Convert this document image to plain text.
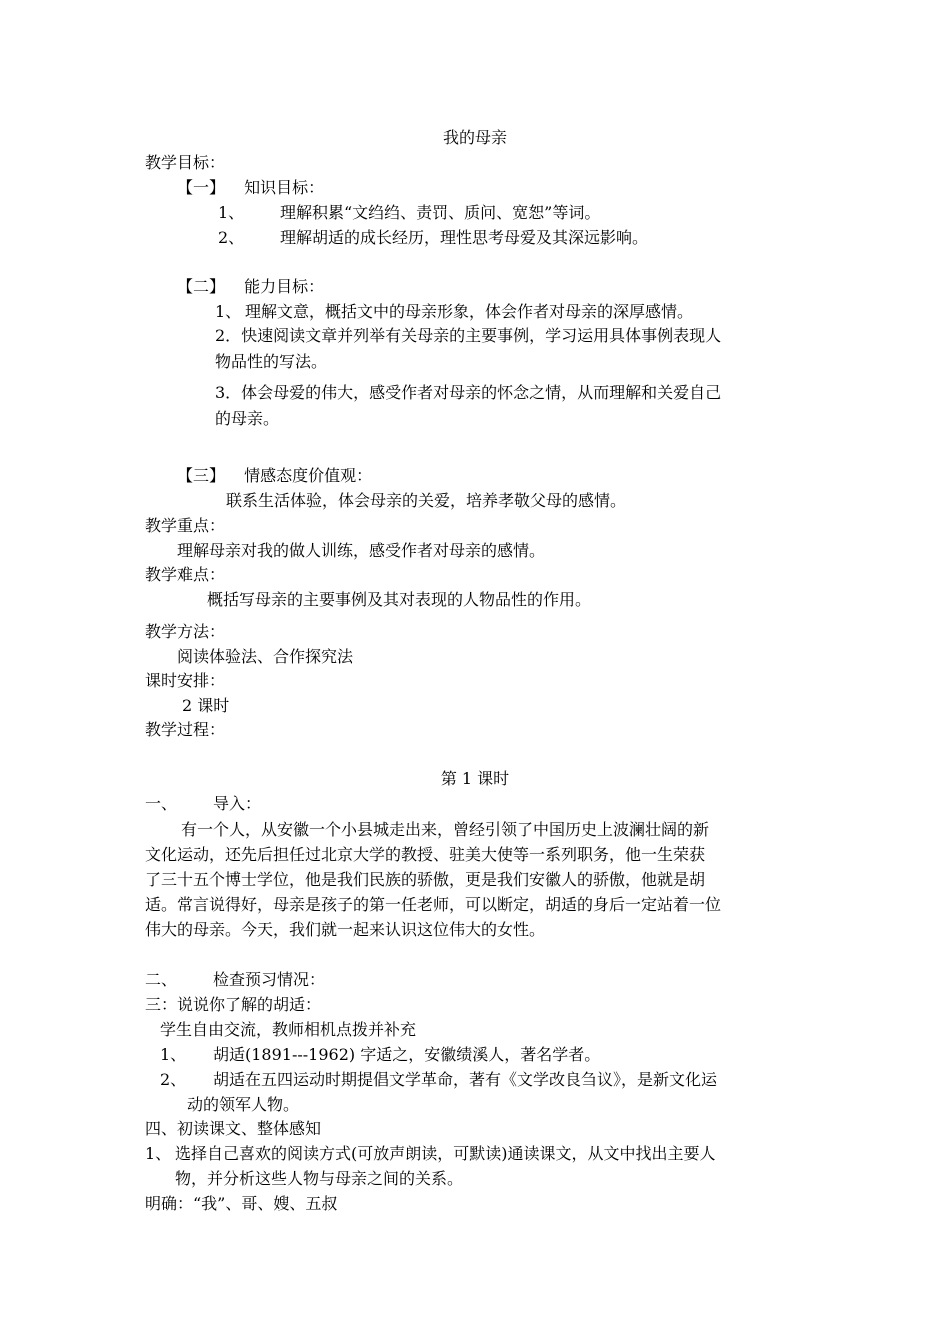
我的母亲
教学目标：
【一】 知识目标：
1、 理解积累“文绉绉、责罚、质问、宽恕”等词。
2、 理解胡适的成长经历，理性思考母爱及其深远影响。
【二】 能力目标：
1、 理解文意，概括文中的母亲形象，体会作者对母亲的深厚感情。
2．快速阅读文章并列举有关母亲的主要事例，学习运用具体事例表现人
物品性的写法。
3．体会母爱的伟大，感受作者对母亲的怀念之情，从而理解和关爱自己
的母亲。
【三】 情感态度价值观：
联系生活体验，体会母亲的关爱，培养孝敬父母的感情。
教学重点：
理解母亲对我的做人训练，感受作者对母亲的感情。
教学难点：
概括写母亲的主要事例及其对表现的人物品性的作用。
教学方法：
阅读体验法、合作探究法
课时安排：
2 课时
教学过程：
第 1 课时
一、 导入：
有一个人，从安徽一个小县城走出来，曾经引领了中国历史上波澜壮阔的新
文化运动，还先后担任过北京大学的教授、驻美大使等一系列职务，他一生荣获
了三十五个博士学位，他是我们民族的骄傲，更是我们安徽人的骄傲，他就是胡
适。常言说得好，母亲是孩子的第一任老师，可以断定，胡适的身后一定站着一位
伟大的母亲。今天，我们就一起来认识这位伟大的女性。
二、 检查预习情况：
三：说说你了解的胡适：
学生自由交流，教师相机点拨并补充
1、 胡适(1891---1962) 字适之，安徽绩溪人，著名学者。
2、 胡适在五四运动时期提倡文学革命，著有《文学改良刍议》，是新文化运
动的领军人物。
四、初读课文、整体感知
1、 选择自己喜欢的阅读方式(可放声朗读，可默读)通读课文，从文中找出主要人
物，并分析这些人物与母亲之间的关系。
明确：“我”、哥、嫂、五叔
